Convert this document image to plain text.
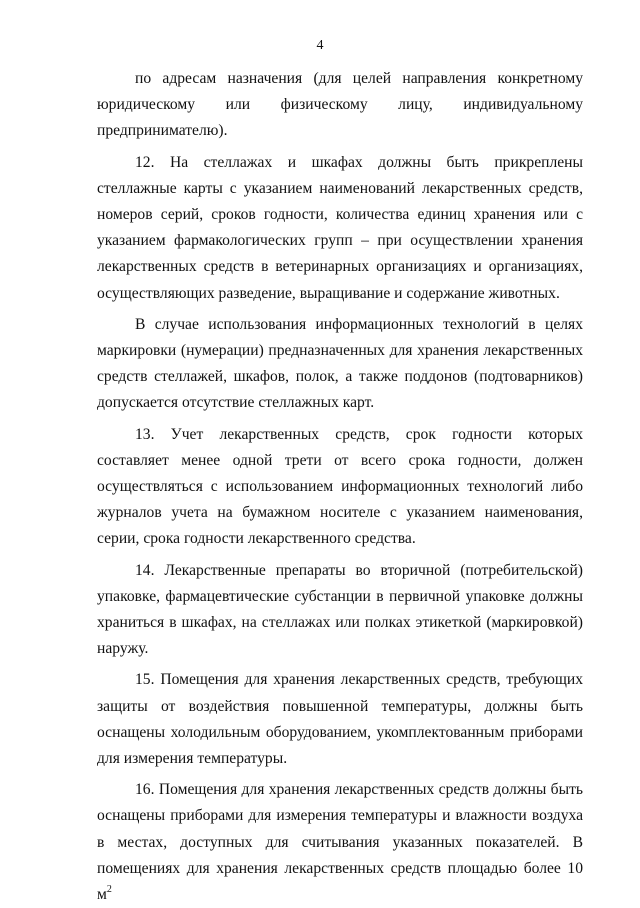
4

по адресам назначения (для целей направления конкретному юридическому или физическому лицу, индивидуальному предпринимателю).

12. На стеллажах и шкафах должны быть прикреплены стеллажные карты с указанием наименований лекарственных средств, номеров серий, сроков годности, количества единиц хранения или с указанием фармакологических групп – при осуществлении хранения лекарственных средств в ветеринарных организациях и организациях, осуществляющих разведение, выращивание и содержание животных.

В случае использования информационных технологий в целях маркировки (нумерации) предназначенных для хранения лекарственных средств стеллажей, шкафов, полок, а также поддонов (подтоварников) допускается отсутствие стеллажных карт.

13. Учет лекарственных средств, срок годности которых составляет менее одной трети от всего срока годности, должен осуществляться с использованием информационных технологий либо журналов учета на бумажном носителе с указанием наименования, серии, срока годности лекарственного средства.

14. Лекарственные препараты во вторичной (потребительской) упаковке, фармацевтические субстанции в первичной упаковке должны храниться в шкафах, на стеллажах или полках этикеткой (маркировкой) наружу.

15. Помещения для хранения лекарственных средств, требующих защиты от воздействия повышенной температуры, должны быть оснащены холодильным оборудованием, укомплектованным приборами для измерения температуры.

16. Помещения для хранения лекарственных средств должны быть оснащены приборами для измерения температуры и влажности воздуха в местах, доступных для считывания указанных показателей. В помещениях для хранения лекарственных средств площадью более 10 $м^2$
